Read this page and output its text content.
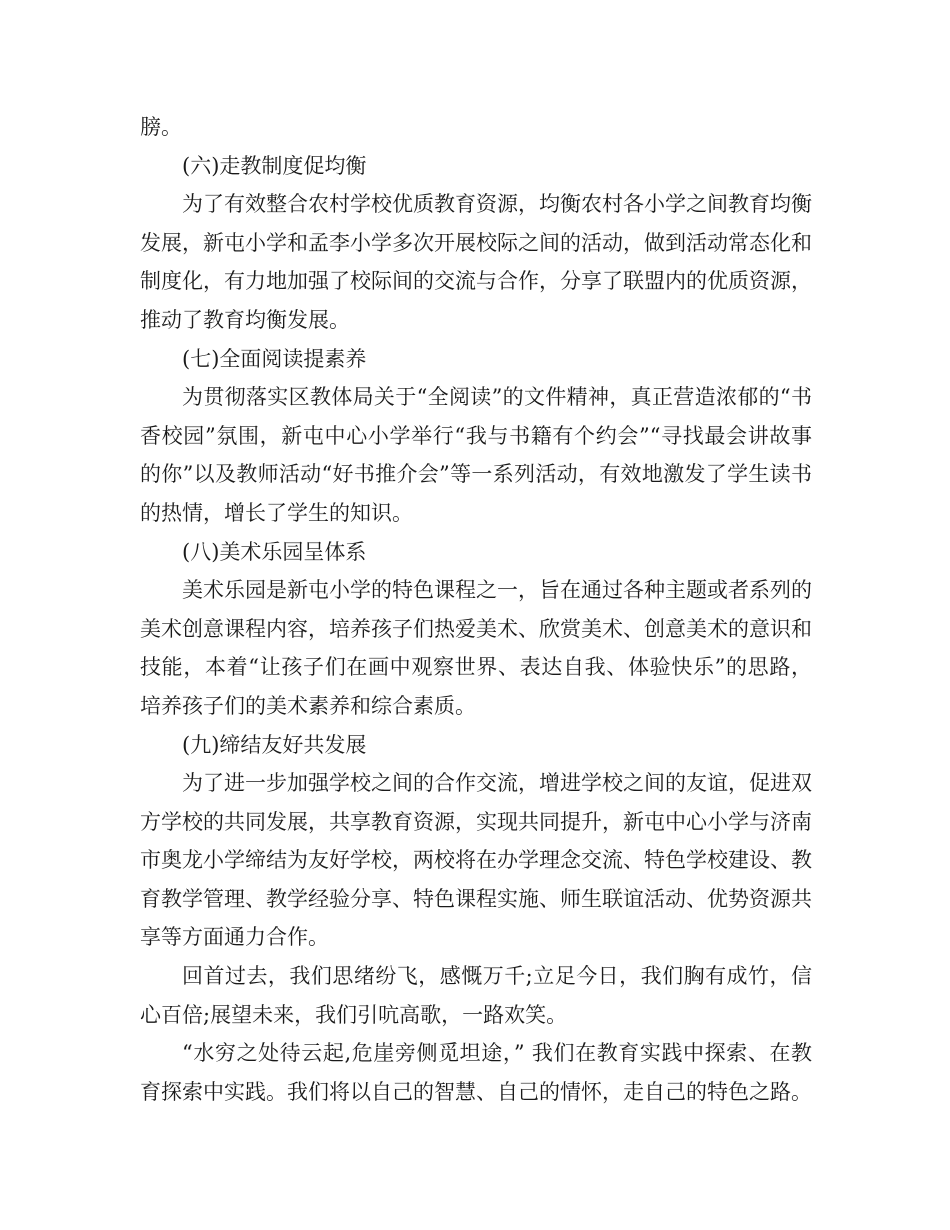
膀。

(六)走教制度促均衡

为了有效整合农村学校优质教育资源，均衡农村各小学之间教育均衡发展，新屯小学和孟李小学多次开展校际之间的活动，做到活动常态化和制度化，有力地加强了校际间的交流与合作，分享了联盟内的优质资源，推动了教育均衡发展。

(七)全面阅读提素养

为贯彻落实区教体局关于“全阅读”的文件精神，真正营造浓郁的“书香校园”氛围，新屯中心小学举行“我与书籍有个约会”“寻找最会讲故事的你”以及教师活动“好书推介会”等一系列活动，有效地激发了学生读书的热情，增长了学生的知识。

(八)美术乐园呈体系

美术乐园是新屯小学的特色课程之一，旨在通过各种主题或者系列的美术创意课程内容，培养孩子们热爱美术、欣赏美术、创意美术的意识和技能，本着“让孩子们在画中观察世界、表达自我、体验快乐”的思路，培养孩子们的美术素养和综合素质。

(九)缔结友好共发展

为了进一步加强学校之间的合作交流，增进学校之间的友谊，促进双方学校的共同发展，共享教育资源，实现共同提升，新屯中心小学与济南市奥龙小学缔结为友好学校，两校将在办学理念交流、特色学校建设、教育教学管理、教学经验分享、特色课程实施、师生联谊活动、优势资源共享等方面通力合作。

回首过去，我们思绪纷飞，感慨万千;立足今日，我们胸有成竹，信心百倍;展望未来，我们引吭高歌，一路欢笑。

“水穷之处待云起,危崖旁侧觅坦途，” 我们在教育实践中探索、在教育探索中实践。我们将以自己的智慧、自己的情怀，走自己的特色之路。
